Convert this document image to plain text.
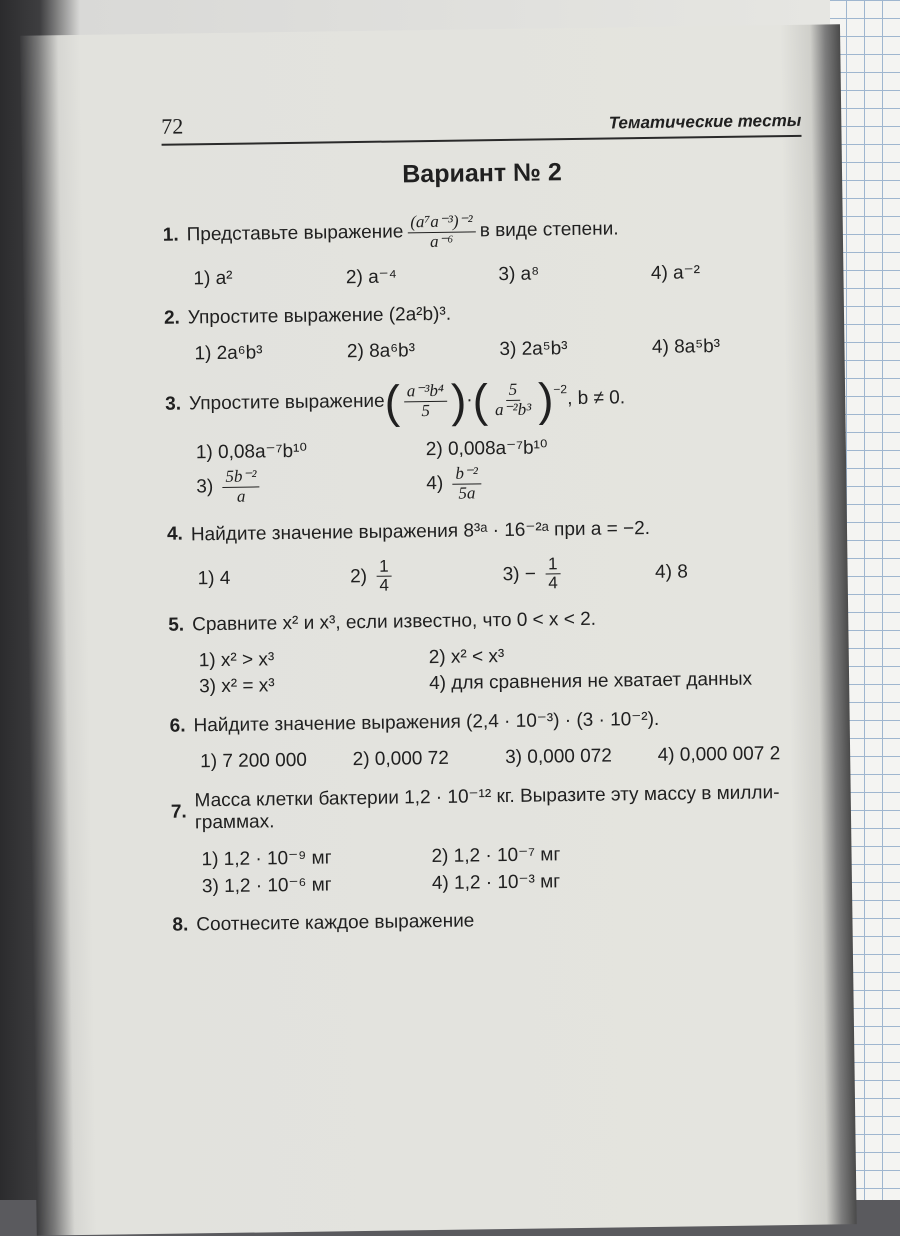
72	Тематические тесты
Вариант № 2
1. Представьте выражение $\frac{\text{(a⁷a⁻³)⁻²}}{\text{a⁻⁶}}$ в виде степени.
1) a²	2) a⁻⁴	3) a⁸	4) a⁻²
2. Упростите выражение (2a²b)³.
1) 2a⁶b³	2) 8a⁶b³	3) 2a⁵b³	4) 8a⁵b³
3. Упростите выражение ( $\frac{\text{a⁻³b⁴}}{5}$ ) · ( $\frac{5}{\text{a⁻²b³}} )^{-2}$ , b ≠ 0.
1) 0,08a⁻⁷b¹⁰	2) 0,008a⁻⁷b¹⁰
$3) \frac{\text{5b⁻²}}{a}$	$4) \frac{\text{b⁻²}}{5a}$
4. Найдите значение выражения 8³ᵃ · 16⁻²ᵃ при a = −2.
1) 4	$2) \frac{1}{4}$	$3) - \frac{1}{4}$	4) 8
5. Сравните x² и x³, если известно, что 0 < x < 2.
1) x² > x³	2) x² < x³
3) x² = x³	4) для сравнения не хватает данных
6. Найдите значение выражения (2,4 · 10⁻³) · (3 · 10⁻²).
1) 7 200 000	2) 0,000 72	3) 0,000 072	4) 0,000 007 2
7.
Масса клетки бактерии 1,2 · 10⁻¹² кг. Выразите эту массу в милли-граммах.
1) 1,2 · 10⁻⁹ мг	2) 1,2 · 10⁻⁷ мг
3) 1,2 · 10⁻⁶ мг	4) 1,2 · 10⁻³ мг
8. Соотнесите каждое выражение
